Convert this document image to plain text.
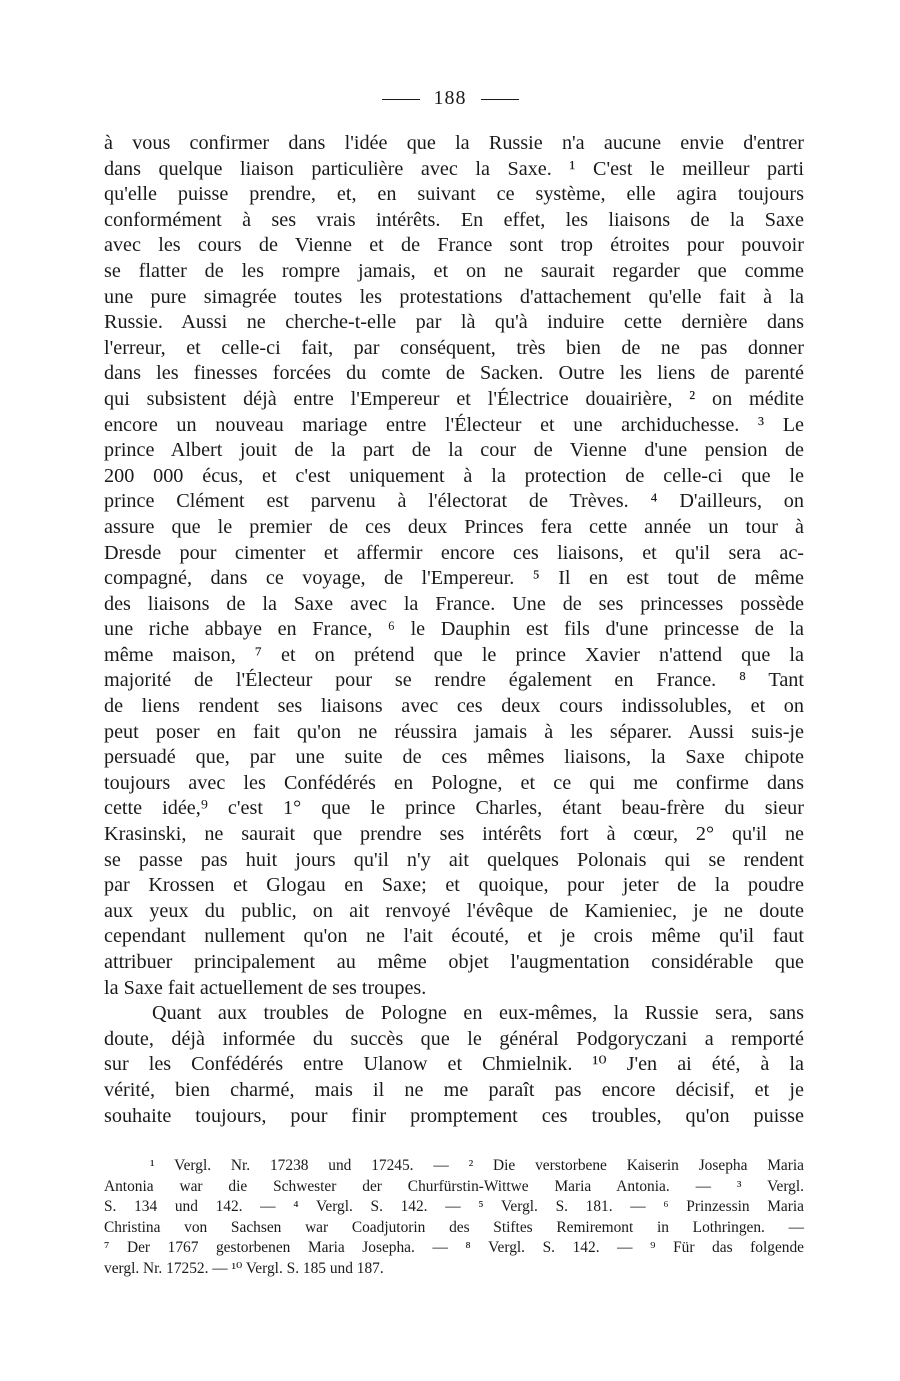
188
à vous confirmer dans l'idée que la Russie n'a aucune envie d'entrer
dans quelque liaison particulière avec la Saxe. ¹ C'est le meilleur parti
qu'elle puisse prendre, et, en suivant ce système, elle agira toujours
conformément à ses vrais intérêts. En effet, les liaisons de la Saxe
avec les cours de Vienne et de France sont trop étroites pour pouvoir
se flatter de les rompre jamais, et on ne saurait regarder que comme
une pure simagrée toutes les protestations d'attachement qu'elle fait à la
Russie. Aussi ne cherche-t-elle par là qu'à induire cette dernière dans
l'erreur, et celle-ci fait, par conséquent, très bien de ne pas donner
dans les finesses forcées du comte de Sacken. Outre les liens de parenté
qui subsistent déjà entre l'Empereur et l'Électrice douairière, ² on médite
encore un nouveau mariage entre l'Électeur et une archiduchesse. ³ Le
prince Albert jouit de la part de la cour de Vienne d'une pension de
200 000 écus, et c'est uniquement à la protection de celle-ci que le
prince Clément est parvenu à l'électorat de Trèves. ⁴ D'ailleurs, on
assure que le premier de ces deux Princes fera cette année un tour à
Dresde pour cimenter et affermir encore ces liaisons, et qu'il sera ac-
compagné, dans ce voyage, de l'Empereur. ⁵ Il en est tout de même
des liaisons de la Saxe avec la France. Une de ses princesses possède
une riche abbaye en France, ⁶ le Dauphin est fils d'une princesse de la
même maison, ⁷ et on prétend que le prince Xavier n'attend que la
majorité de l'Électeur pour se rendre également en France. ⁸ Tant
de liens rendent ses liaisons avec ces deux cours indissolubles, et on
peut poser en fait qu'on ne réussira jamais à les séparer. Aussi suis-je
persuadé que, par une suite de ces mêmes liaisons, la Saxe chipote
toujours avec les Confédérés en Pologne, et ce qui me confirme dans
cette idée,⁹ c'est 1° que le prince Charles, étant beau-frère du sieur
Krasinski, ne saurait que prendre ses intérêts fort à cœur, 2° qu'il ne
se passe pas huit jours qu'il n'y ait quelques Polonais qui se rendent
par Krossen et Glogau en Saxe; et quoique, pour jeter de la poudre
aux yeux du public, on ait renvoyé l'évêque de Kamieniec, je ne doute
cependant nullement qu'on ne l'ait écouté, et je crois même qu'il faut
attribuer principalement au même objet l'augmentation considérable que
la Saxe fait actuellement de ses troupes.
Quant aux troubles de Pologne en eux-mêmes, la Russie sera, sans
doute, déjà informée du succès que le général Podgoryczani a remporté
sur les Confédérés entre Ulanow et Chmielnik. ¹⁰ J'en ai été, à la
vérité, bien charmé, mais il ne me paraît pas encore décisif, et je
souhaite toujours, pour finir promptement ces troubles, qu'on puisse
¹ Vergl. Nr. 17238 und 17245. — ² Die verstorbene Kaiserin Josepha Maria
Antonia war die Schwester der Churfürstin-Wittwe Maria Antonia. — ³ Vergl.
S. 134 und 142. — ⁴ Vergl. S. 142. — ⁵ Vergl. S. 181. — ⁶ Prinzessin Maria
Christina von Sachsen war Coadjutorin des Stiftes Remiremont in Lothringen. —
⁷ Der 1767 gestorbenen Maria Josepha. — ⁸ Vergl. S. 142. — ⁹ Für das folgende
vergl. Nr. 17252. — ¹⁰ Vergl. S. 185 und 187.
